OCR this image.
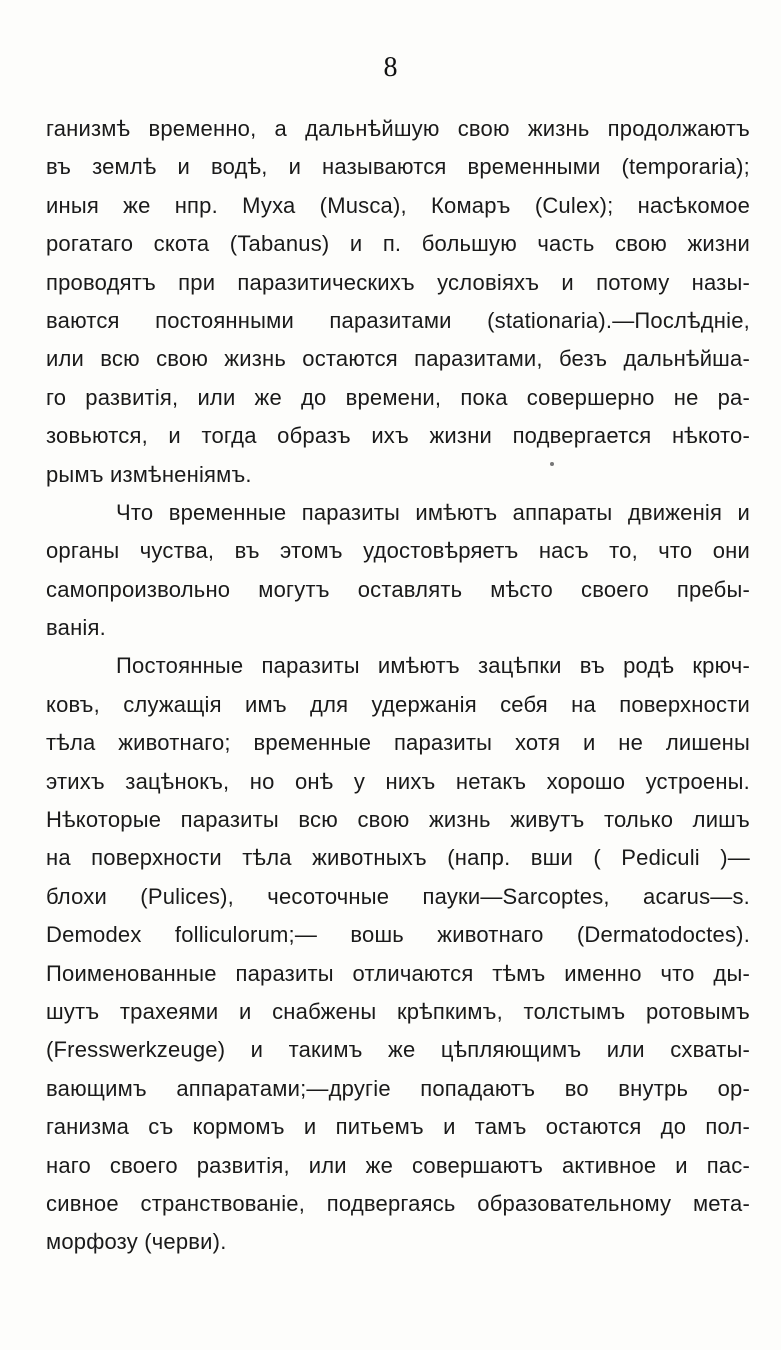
8
ганизмѣ временно, а дальнѣйшую свою жизнь продолжаютъ
въ землѣ и водѣ, и называются временными (temporaria);
иныя же нпр. Муха (Musca), Комаръ (Culex); насѣкомое
рогатаго скота (Tabanus) и п. большую часть свою жизни
проводятъ при паразитическихъ условіяхъ и потому назы-
ваются постоянными паразитами (stationaria).—Послѣдніе,
или всю свою жизнь остаются паразитами, безъ дальнѣйша-
го развитія, или же до времени, пока совершерно не ра-
зовьются, и тогда образъ ихъ жизни подвергается нѣкото-
рымъ измѣненіямъ.
Что временные паразиты имѣютъ аппараты движенія и
органы чуства, въ этомъ удостовѣряетъ насъ то, что они
самопроизвольно могутъ оставлять мѣсто своего пребы-
ванія.
Постоянные паразиты имѣютъ зацѣпки въ родѣ крюч-
ковъ, служащія имъ для удержанія себя на поверхности
тѣла животнаго; временные паразиты хотя и не лишены
этихъ зацѣнокъ, но онѣ у нихъ нетакъ хорошо устроены.
Нѣкоторые паразиты всю свою жизнь живутъ только лишъ
на поверхности тѣла животныхъ (напр. вши ( Pediculi )—
блохи (Pulices), чесоточные пауки—Sarcoptes, acarus—s.
Demodex folliculorum;— вошь животнаго (Dermatodoctes).
Поименованные паразиты отличаются тѣмъ именно что ды-
шутъ трахеями и снабжены крѣпкимъ, толстымъ ротовымъ
(Fresswerkzeuge) и такимъ же цѣпляющимъ или схваты-
вающимъ аппаратами;—другіе попадаютъ во внутрь ор-
ганизма съ кормомъ и питьемъ и тамъ остаются до пол-
наго своего развитія, или же совершаютъ активное и пас-
сивное странствованіе, подвергаясь образовательному мета-
морфозу (черви).
